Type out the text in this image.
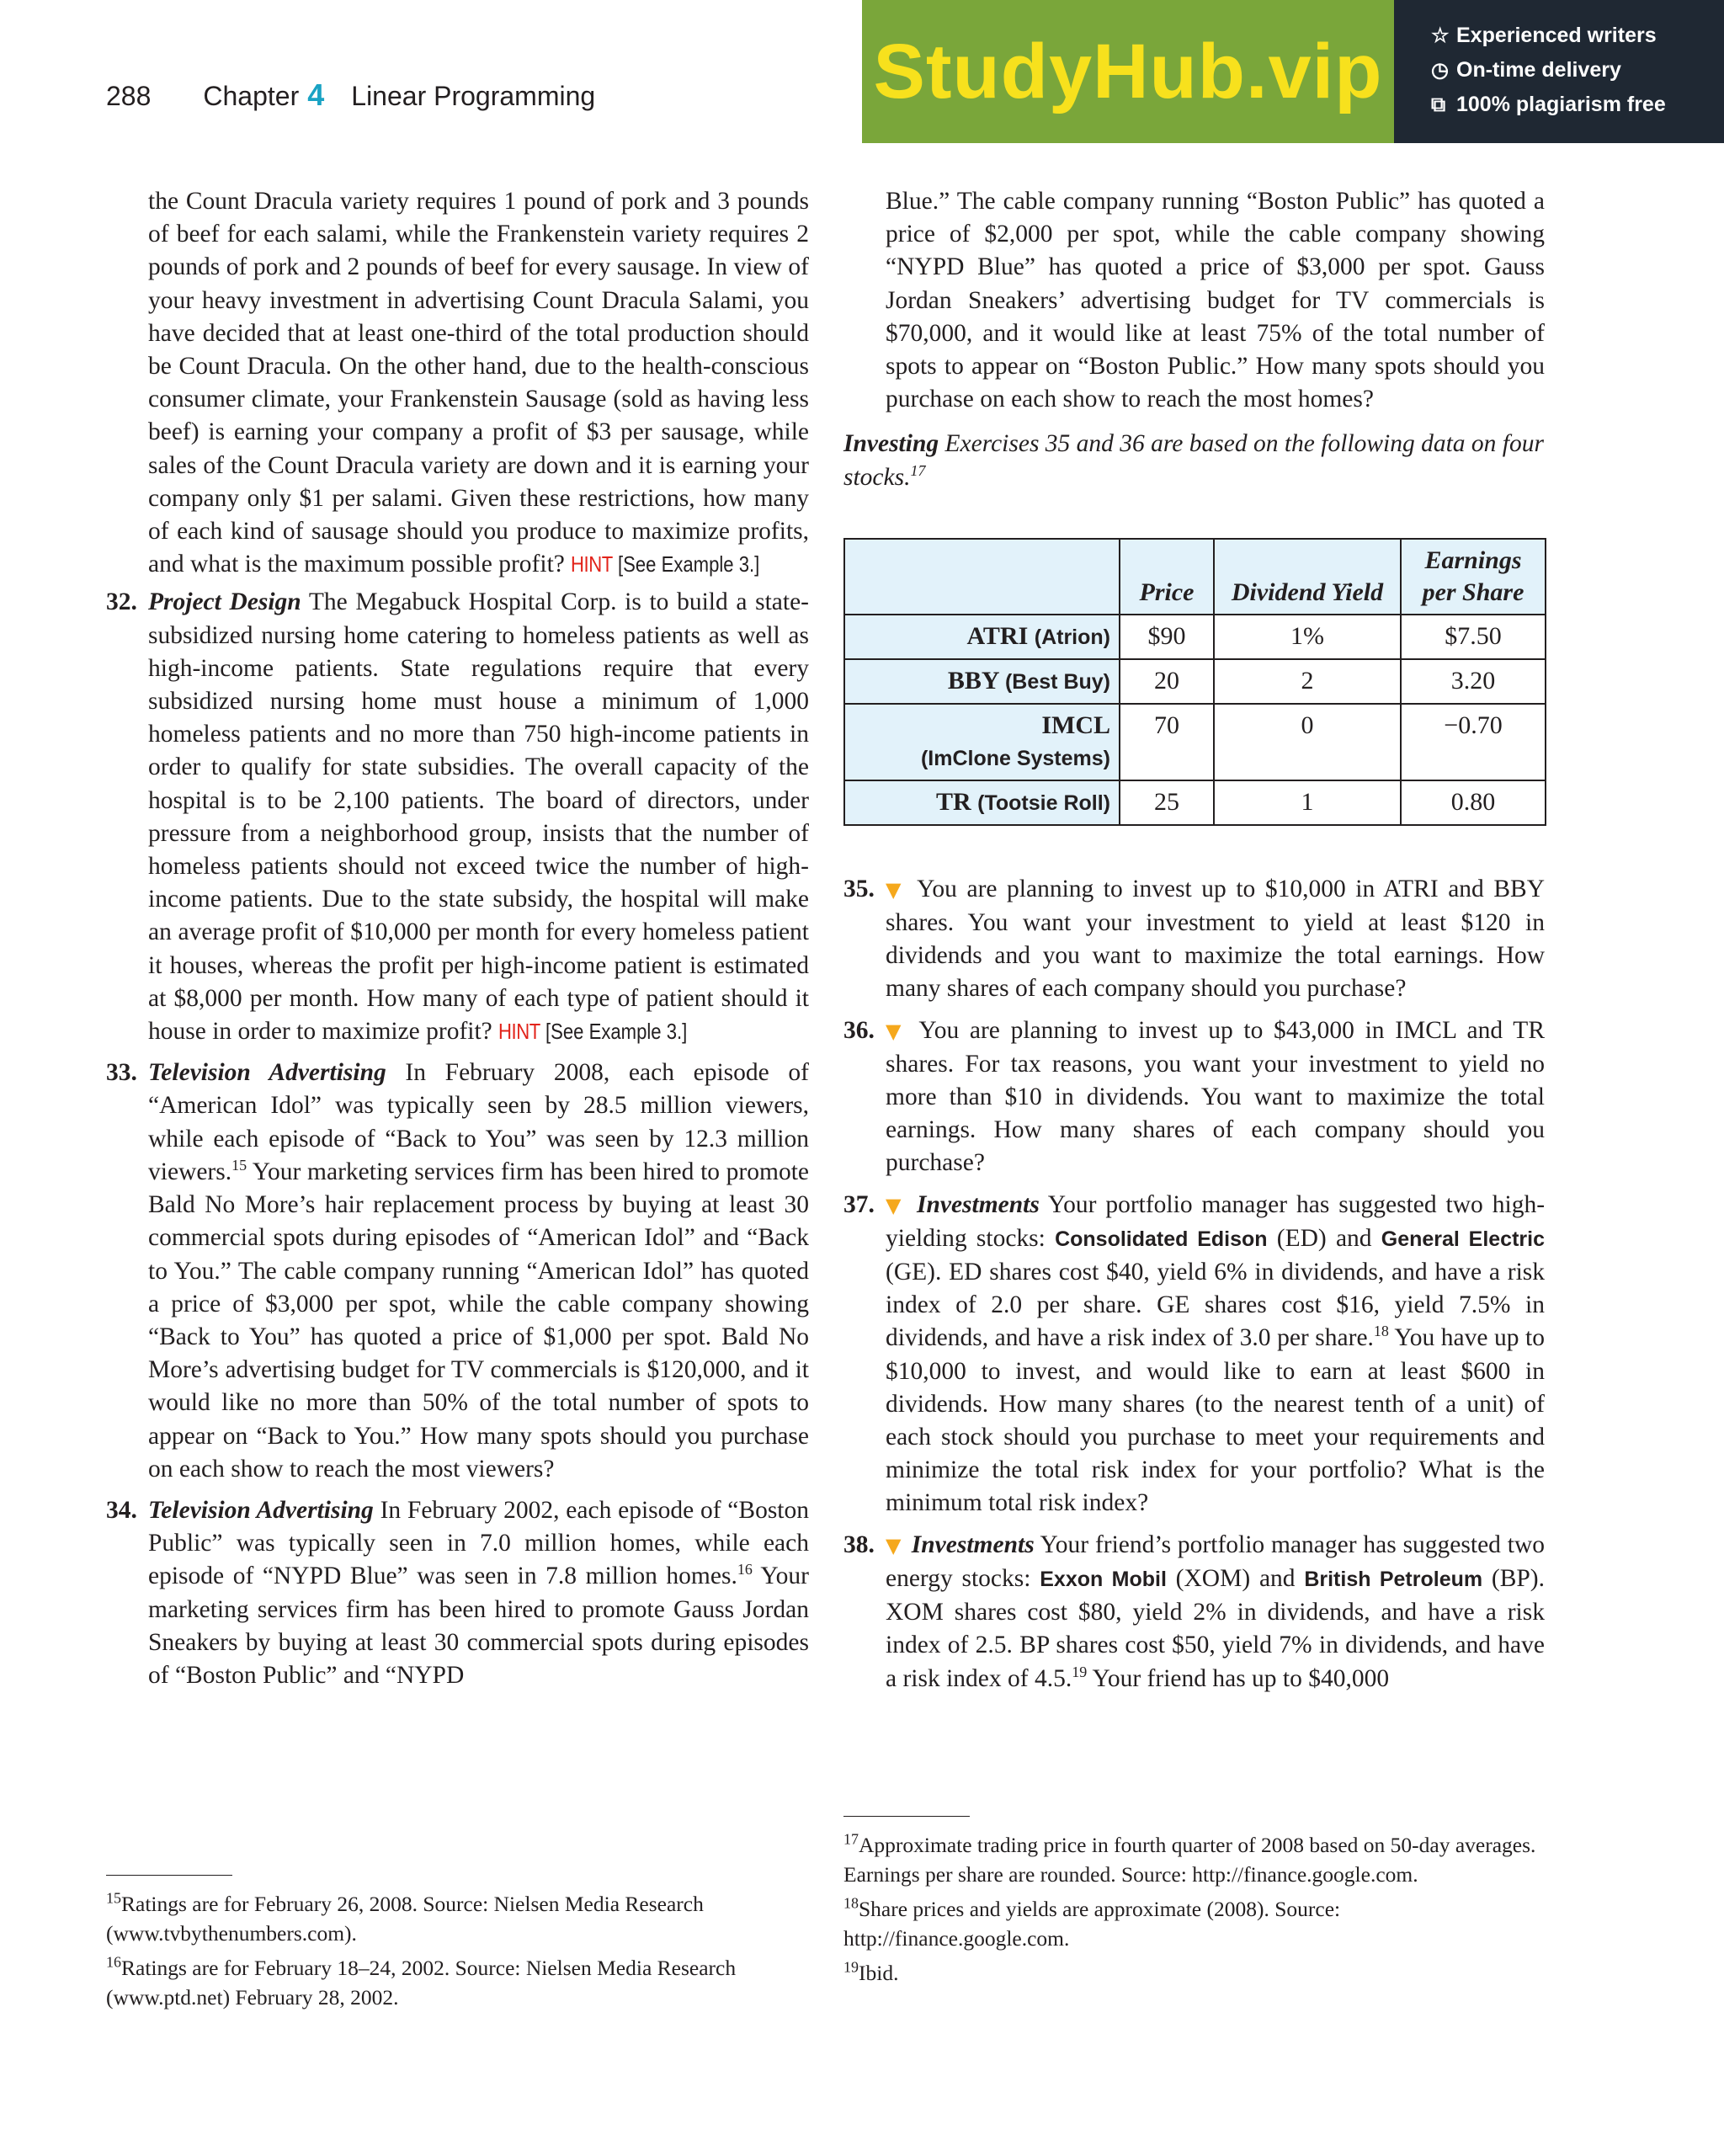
288 Chapter 4 Linear Programming	StudyHub.vip ☆ Experienced writers
◷ On-time delivery
⧉ 100% plagiarism free
the Count Dracula variety requires 1 pound of pork and 3 pounds of beef for each salami, while the Frankenstein variety requires 2 pounds of pork and 2 pounds of beef for every sausage. In view of your heavy investment in advertising Count Dracula Salami, you have decided that at least one-third of the total production should be Count Dracula. On the other hand, due to the health-conscious consumer climate, your Frankenstein Sausage (sold as having less beef) is earning your company a profit of $3 per sausage, while sales of the Count Dracula variety are down and it is earning your company only $1 per salami. Given these restrictions, how many of each kind of sausage should you produce to maximize profits, and what is the maximum possible profit? HINT [See Example 3.]
32. Project Design The Megabuck Hospital Corp. is to build a state-subsidized nursing home catering to homeless patients as well as high-income patients. State regulations require that every subsidized nursing home must house a minimum of 1,000 homeless patients and no more than 750 high-income patients in order to qualify for state subsidies. The overall capacity of the hospital is to be 2,100 patients. The board of directors, under pressure from a neighborhood group, insists that the number of homeless patients should not exceed twice the number of high-income patients. Due to the state subsidy, the hospital will make an average profit of $10,000 per month for every homeless patient it houses, whereas the profit per high-income patient is estimated at $8,000 per month. How many of each type of patient should it house in order to maximize profit? HINT [See Example 3.]
33. Television Advertising In February 2008, each episode of “American Idol” was typically seen by 28.5 million viewers, while each episode of “Back to You” was seen by 12.3 million viewers.$^{15}$ Your marketing services firm has been hired to promote Bald No More’s hair replacement process by buying at least 30 commercial spots during episodes of “American Idol” and “Back to You.” The cable company running “American Idol” has quoted a price of $3,000 per spot, while the cable company showing “Back to You” has quoted a price of $1,000 per spot. Bald No More’s advertising budget for TV commercials is $120,000, and it would like no more than 50% of the total number of spots to appear on “Back to You.” How many spots should you purchase on each show to reach the most viewers?
34. Television Advertising In February 2002, each episode of “Boston Public” was typically seen in 7.0 million homes, while each episode of “NYPD Blue” was seen in 7.8 million homes.$^{16}$ Your marketing services firm has been hired to promote Gauss Jordan Sneakers by buying at least 30 commercial spots during episodes of “Boston Public” and “NYPD
Blue.” The cable company running “Boston Public” has quoted a price of $2,000 per spot, while the cable company showing “NYPD Blue” has quoted a price of $3,000 per spot. Gauss Jordan Sneakers’ advertising budget for TV commercials is $70,000, and it would like at least 75% of the total number of spots to appear on “Boston Public.” How many spots should you purchase on each show to reach the most homes?

Investing Exercises 35 and 36 are based on the following data on four stocks.$^{17}$

	Price	Dividend Yield	Earnings per Share
ATRI (Atrion)	$90	1%	$7.50
BBY (Best Buy)	20	2	3.20
IMCL
(ImClone Systems)	70	0	−0.70
TR (Tootsie Roll)	25	1	0.80
35. ▼ You are planning to invest up to $10,000 in ATRI and BBY shares. You want your investment to yield at least $120 in dividends and you want to maximize the total earnings. How many shares of each company should you purchase?
36. ▼ You are planning to invest up to $43,000 in IMCL and TR shares. For tax reasons, you want your investment to yield no more than $10 in dividends. You want to maximize the total earnings. How many shares of each company should you purchase?
37. ▼ Investments Your portfolio manager has suggested two high-yielding stocks: Consolidated Edison (ED) and General Electric (GE). ED shares cost $40, yield 6% in dividends, and have a risk index of 2.0 per share. GE shares cost $16, yield 7.5% in dividends, and have a risk index of 3.0 per share.$^{18}$ You have up to $10,000 to invest, and would like to earn at least $600 in dividends. How many shares (to the nearest tenth of a unit) of each stock should you purchase to meet your requirements and minimize the total risk index for your portfolio? What is the minimum total risk index?
38. ▼ Investments Your friend’s portfolio manager has suggested two energy stocks: Exxon Mobil (XOM) and British Petroleum (BP). XOM shares cost $80, yield 2% in dividends, and have a risk index of 2.5. BP shares cost $50, yield 7% in dividends, and have a risk index of 4.5.19 Your friend has up to $40,000
$^{15}$Ratings are for February 26, 2008. Source: Nielsen Media Research (www.tvbythenumbers.com).
$^{16}$Ratings are for February 18–24, 2002. Source: Nielsen Media Research (www.ptd.net) February 28, 2002.
$^{17}$Approximate trading price in fourth quarter of 2008 based on 50-day averages. Earnings per share are rounded. Source: http://finance.google.com.
$^{18}$Share prices and yields are approximate (2008). Source: http://finance.google.com.
$^{19}$Ibid.
